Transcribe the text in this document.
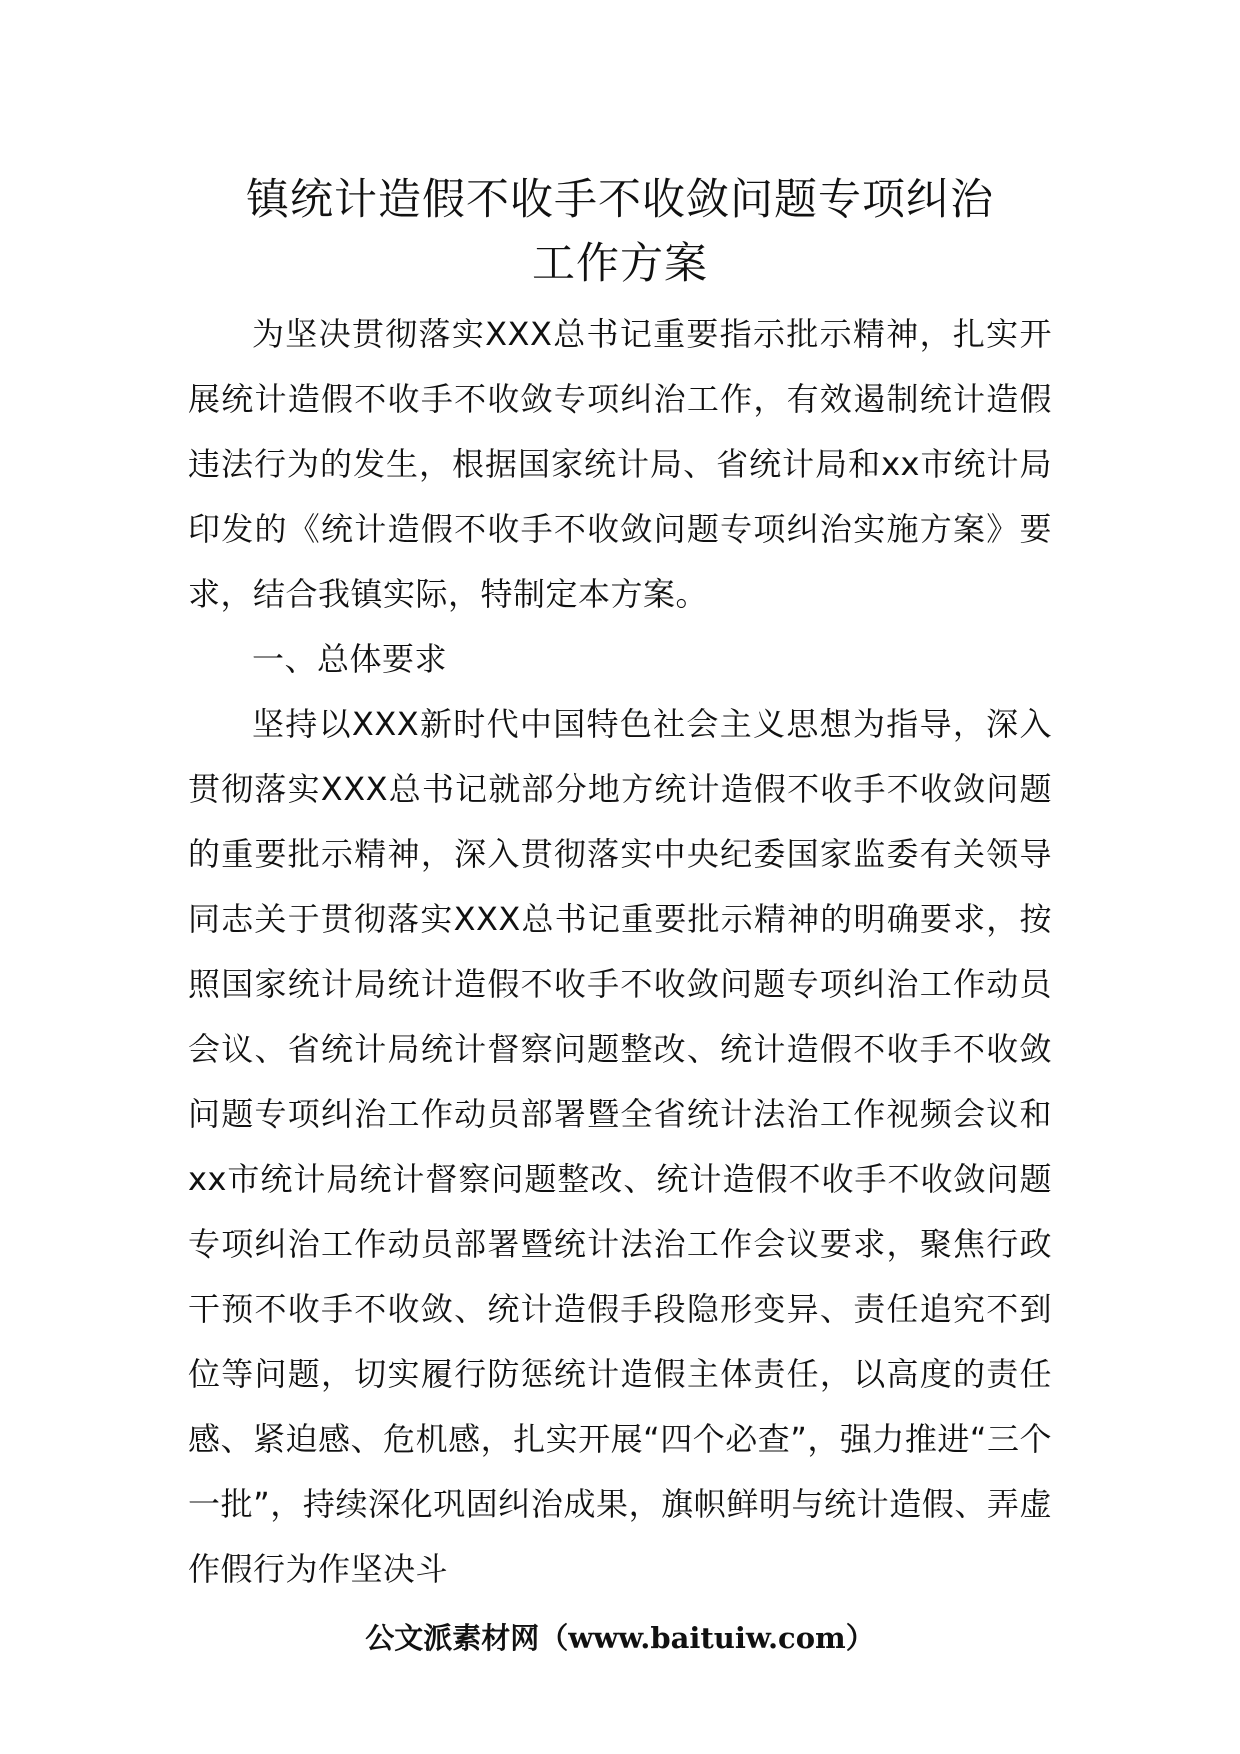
镇统计造假不收手不收敛问题专项纠治
工作方案

为坚决贯彻落实XXX总书记重要指示批示精神，扎实开展统计造假不收手不收敛专项纠治工作，有效遏制统计造假违法行为的发生，根据国家统计局、省统计局和xx市统计局印发的《统计造假不收手不收敛问题专项纠治实施方案》要求，结合我镇实际，特制定本方案。

一、总体要求

坚持以XXX新时代中国特色社会主义思想为指导，深入贯彻落实XXX总书记就部分地方统计造假不收手不收敛问题的重要批示精神，深入贯彻落实中央纪委国家监委有关领导同志关于贯彻落实XXX总书记重要批示精神的明确要求，按照国家统计局统计造假不收手不收敛问题专项纠治工作动员会议、省统计局统计督察问题整改、统计造假不收手不收敛问题专项纠治工作动员部署暨全省统计法治工作视频会议和xx市统计局统计督察问题整改、统计造假不收手不收敛问题专项纠治工作动员部署暨统计法治工作会议要求，聚焦行政干预不收手不收敛、统计造假手段隐形变异、责任追究不到位等问题，切实履行防惩统计造假主体责任，以高度的责任感、紧迫感、危机感，扎实开展“四个必查”，强力推进“三个一批”，持续深化巩固纠治成果，旗帜鲜明与统计造假、弄虚作假行为作坚决斗

公文派素材网（www.baituiw.com）
